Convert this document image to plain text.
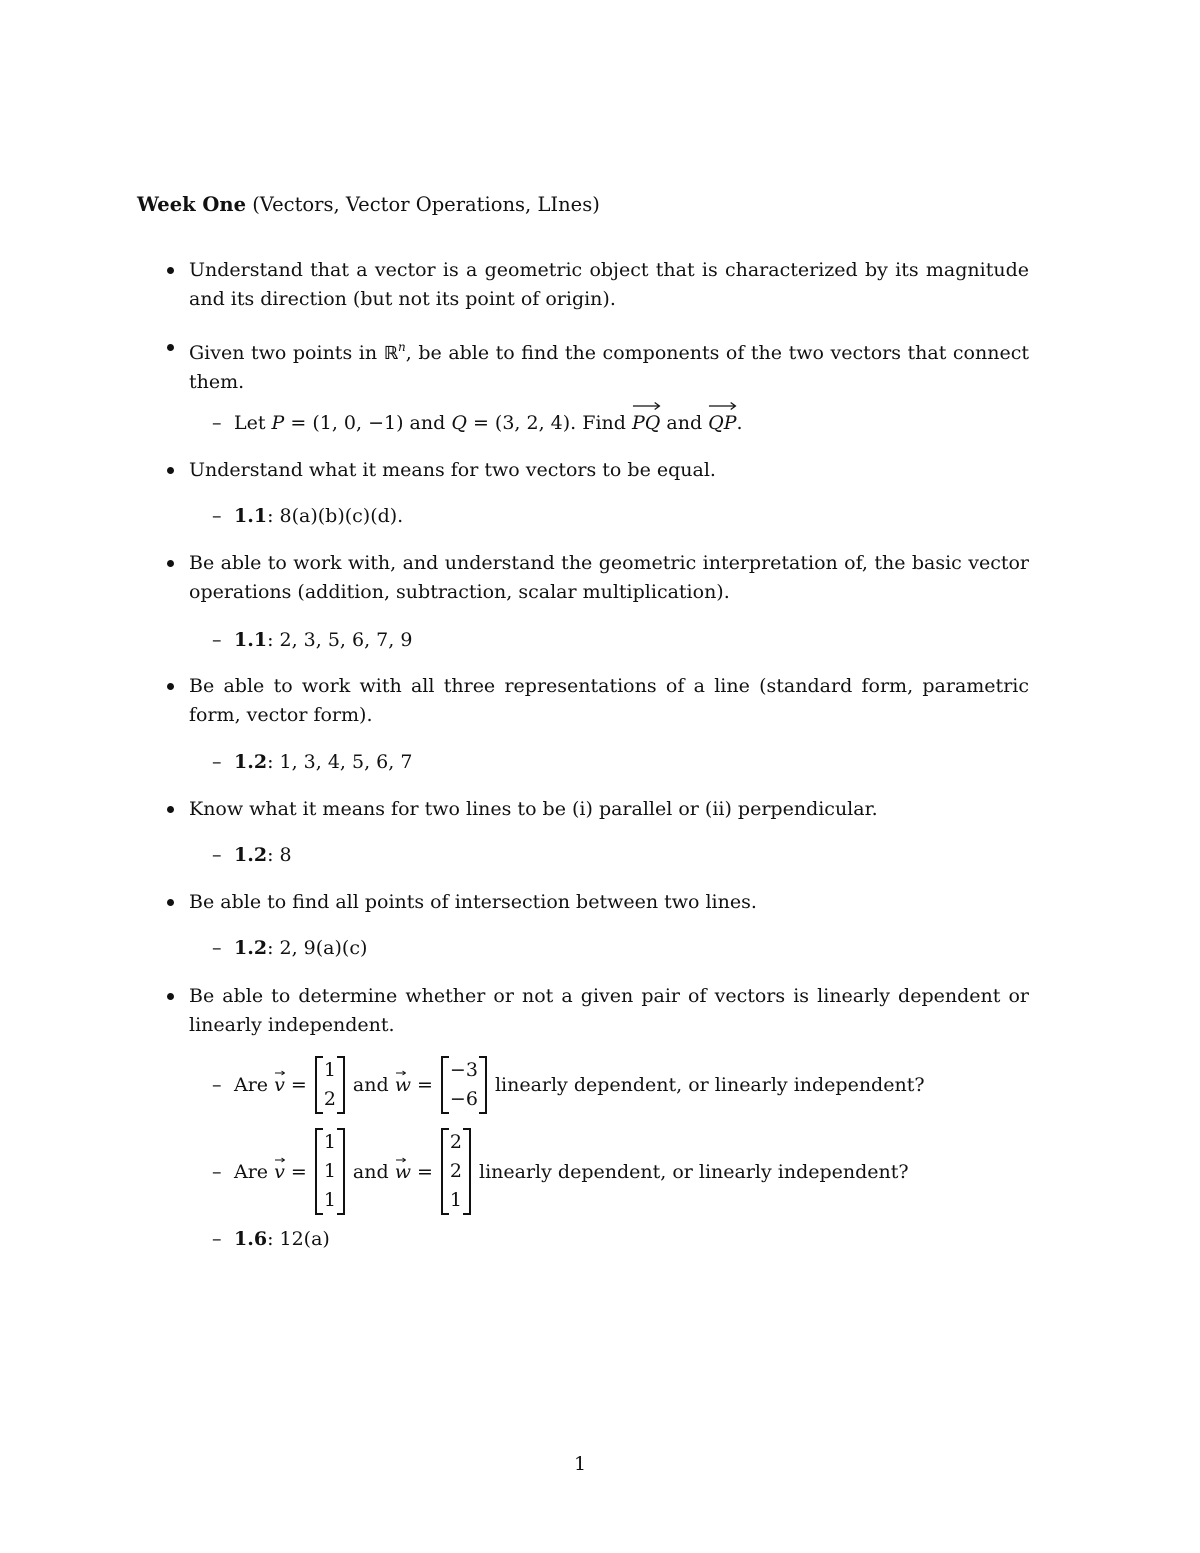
Week One (Vectors, Vector Operations, LInes)
Understand that a vector is a geometric object that is characterized by its magnitude and its direction (but not its point of origin).
Given two points in ℝ$^n$, be able to find the components of the two vectors that connect them.
– Let P = (1, 0, −1) and Q = (3, 2, 4). Find PQ and QP.
Understand what it means for two vectors to be equal.
– 1.1: 8(a)(b)(c)(d).
Be able to work with, and understand the geometric interpretation of, the basic vector operations (addition, subtraction, scalar multiplication).
– 1.1: 2, 3, 5, 6, 7, 9
Be able to work with all three representations of a line (standard form, parametric form, vector form).
– 1.2: 1, 3, 4, 5, 6, 7
Know what it means for two lines to be (i) parallel or (ii) perpendicular.
– 1.2: 8
Be able to find all points of intersection between two lines.
– 1.2: 2, 9(a)(c)
Be able to determine whether or not a given pair of vectors is linearly dependent or linearly independent.
– Are
v
=
1
2
and
w
=
−3
−6
linearly dependent, or linearly independent?
– Are
v
=
1
1
1
and
w
=
2
2
1
linearly dependent, or linearly independent?
– 1.6: 12(a)
1
